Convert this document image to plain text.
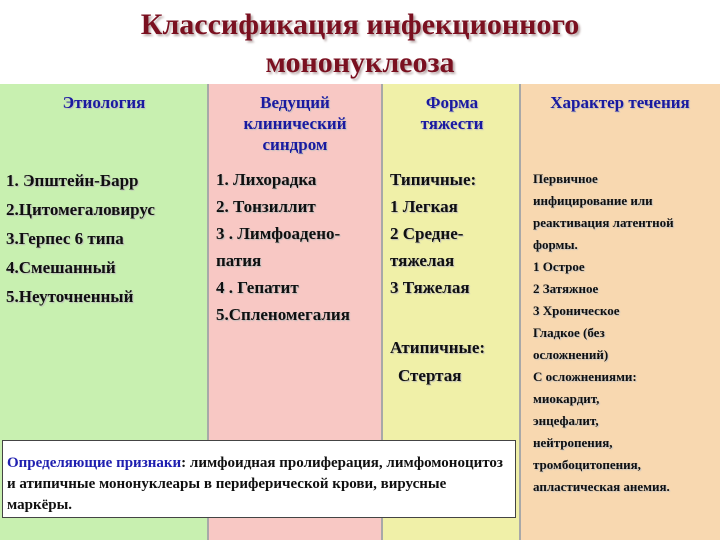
Классификация инфекционного
мононуклеоза
Этиология	Ведущий
клинический
синдром
Форма
тяжести
Характер течения
1. Эпштейн-Барр
2.Цитомегаловирус
3.Герпес 6 типа
4.Смешанный
5.Неуточненный
1. Лихорадка
2. Тонзиллит
3 . Лимфоадено-
патия
4 . Гепатит
5.Спленомегалия
Типичные:
1 Легкая
2 Средне-
тяжелая
3 Тяжелая
Атипичные:
Стертая
Первичное
инфицирование или
реактивация латентной
формы.
1 Острое
2 Затяжное
3 Хроническое
Гладкое (без
осложнений)
С осложнениями:
миокардит,
энцефалит,
нейтропения,
тромбоцитопения,
апластическая анемия.
Определяющие признаки: лимфоидная пролиферация, лимфомоноцитоз и атипичные мононуклеары в периферической крови, вирусные маркёры.
